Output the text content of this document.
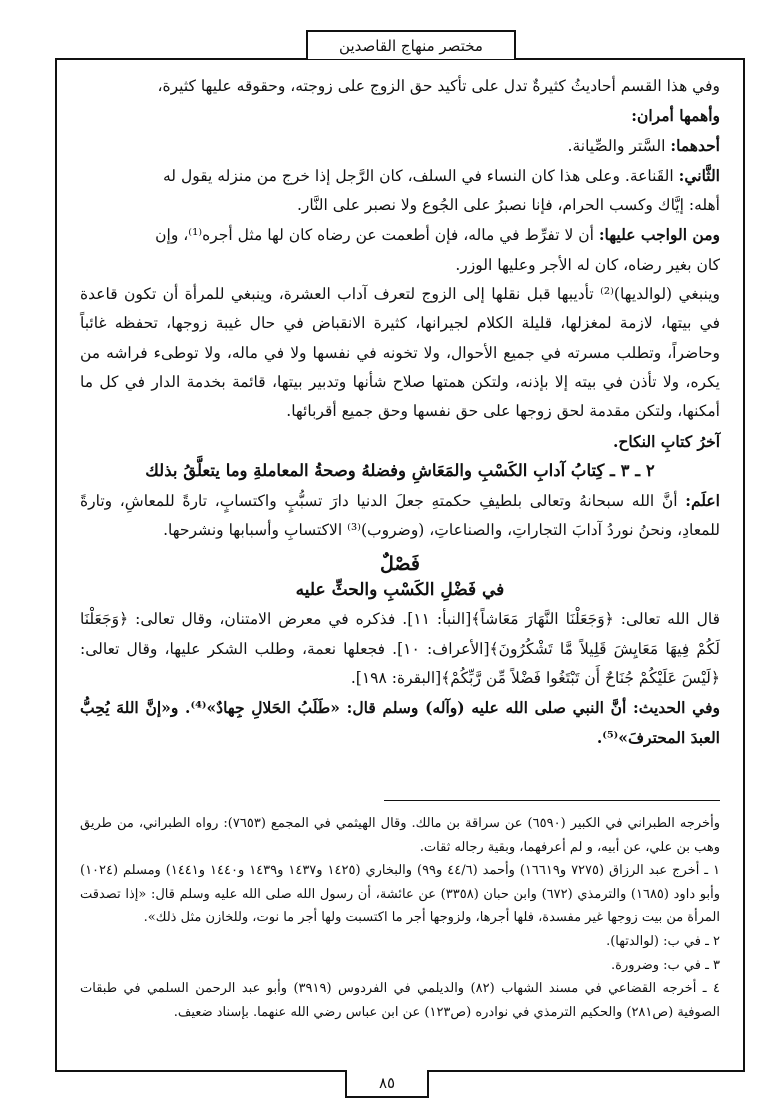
مختصر منهاج القاصدين

وفي هذا القسم أحاديثُ كثيرةٌ تدل على تأكيد حق الزوج على زوجته، وحقوقه عليها كثيرة،

وأهمها أمران:

أحدهما: السَّتر والصِّيانة.

الثَّاني: القَناعة. وعلى هذا كان النساء في السلف، كان الرَّجل إذا خرج من منزله يقول له

أهله: إيَّاك وكسب الحرام، فإنا نصبرُ على الجُوع ولا نصبر على النَّار.

ومن الواجب عليها: أن لا تفرِّط في ماله، فإن أطعمت عن رضاه كان لها مثل أجره⁽¹⁾، وإن

كان بغير رضاه، كان له الأجر وعليها الوزر.

وينبغي (لوالديها)⁽²⁾ تأديبها قبل نقلها إلى الزوج لتعرف آداب العشرة، وينبغي للمرأة أن تكون قاعدة في بيتها، لازمة لمغزلها، قليلة الكلام لجيرانها، كثيرة الانقباض في حال غيبة زوجها، تحفظه غائباً وحاضراً، وتطلب مسرته في جميع الأحوال، ولا تخونه في نفسها ولا في ماله، ولا توطىء فراشه من يكره، ولا تأذن في بيته إلا بإذنه، ولتكن همتها صلاح شأنها وتدبير بيتها، قائمة بخدمة الدار في كل ما أمكنها، ولتكن مقدمة لحق زوجها على حق نفسها وحق جميع أقربائها.

آخرُ كتابِ النكاح.

٢ ـ ٣ ـ كِتابُ آدابِ الكَسْبِ والمَعَاشِ وفضلهُ وصحةُ المعاملةِ وما يتعلَّقُ بذلك

اعلَم: أنَّ الله سبحانهُ وتعالى بلطيفِ حكمتهِ جعلَ الدنيا دارَ تسبُّبٍ واكتسابٍ، تارةً للمعاشِ، وتارةً للمعادِ، ونحنُ نوردُ آدابَ التجاراتِ، والصناعاتِ، (وضروب)⁽³⁾ الاكتسابِ وأسبابها ونشرحها.

فَصْلٌ
في فَضْلِ الكَسْبِ والحثِّ عليه

قال الله تعالى: ﴿وَجَعَلْنَا النَّهَارَ مَعَاشاً﴾[النبأ: ١١]. فذكره في معرض الامتنان، وقال تعالى: ﴿وَجَعَلْنَا لَكُمْ فِيهَا مَعَايِشَ قَلِيلاً مَّا تَشْكُرُونَ﴾[الأعراف: ١٠]. فجعلها نعمة، وطلب الشكر عليها، وقال تعالى: ﴿لَيْسَ عَلَيْكُمْ جُنَاحٌ أَن تَبْتَغُوا فَضْلاً مِّن رَّبِّكُمْ﴾[البقرة: ١٩٨].

وفي الحديث: أنَّ النبي صلى الله عليه (وآله) وسلم قال: «طَلَبُ الحَلالِ جِهادٌ»⁽⁴⁾. و«إنَّ اللهَ يُحِبُّ العبدَ المحترفَ»⁽⁵⁾.

وأخرجه الطبراني في الكبير (٦٥٩٠) عن سراقة بن مالك. وقال الهيثمي في المجمع (٧٦٥٣): رواه الطبراني، من طريق وهب بن علي، عن أبيه، و لم أعرفهما، وبقية رجاله ثقات.

١ ـ أخرج عبد الرزاق (٧٢٧٥ و١٦٦١٩) وأحمد (٤٤/٦ و٩٩) والبخاري (١٤٢٥ و١٤٣٧ و١٤٣٩ و١٤٤٠ و١٤٤١) ومسلم (١٠٢٤) وأبو داود (١٦٨٥) والترمذي (٦٧٢) وابن حبان (٣٣٥٨) عن عائشة، أن رسول الله صلى الله عليه وسلم قال: «إذا تصدقت المرأة من بيت زوجها غير مفسدة، فلها أجرها، ولزوجها أجر ما اكتسبت ولها أجر ما نوت، وللخازن مثل ذلك».

٢ ـ في ب: (لوالدتها).

٣ ـ في ب: وضرورة.

٤ ـ أخرجه القضاعي في مسند الشهاب (٨٢) والديلمي في الفردوس (٣٩١٩) وأبو عبد الرحمن السلمي في طبقات الصوفية (ص٢٨١) والحكيم الترمذي في نوادره (ص١٢٣) عن ابن عباس رضي الله عنهما. بإسناد ضعيف.

٨٥
